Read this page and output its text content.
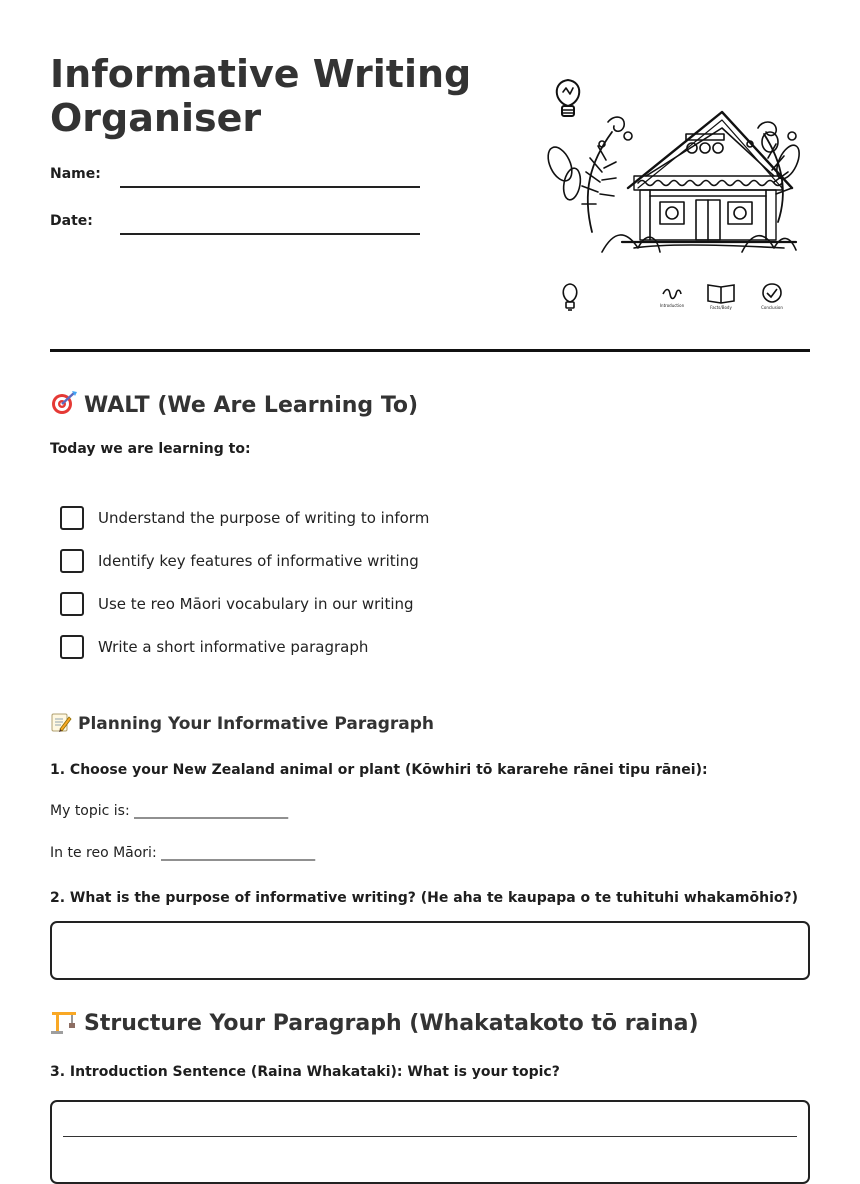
Informative Writing Organiser
Name:
Date:
Introduction	Facts/Body	Conclusion
WALT (We Are Learning To)
Today we are learning to:
Understand the purpose of writing to inform
Identify key features of informative writing
Use te reo Māori vocabulary in our writing
Write a short informative paragraph
Planning Your Informative Paragraph
1. Choose your New Zealand animal or plant (Kōwhiri tō kararehe rānei tipu rānei):
My topic is: ______________________
In te reo Māori: ______________________
2. What is the purpose of informative writing? (He aha te kaupapa o te tuhituhi whakamōhio?)
Structure Your Paragraph (Whakatakoto tō raina)
3. Introduction Sentence (Raina Whakataki): What is your topic?
